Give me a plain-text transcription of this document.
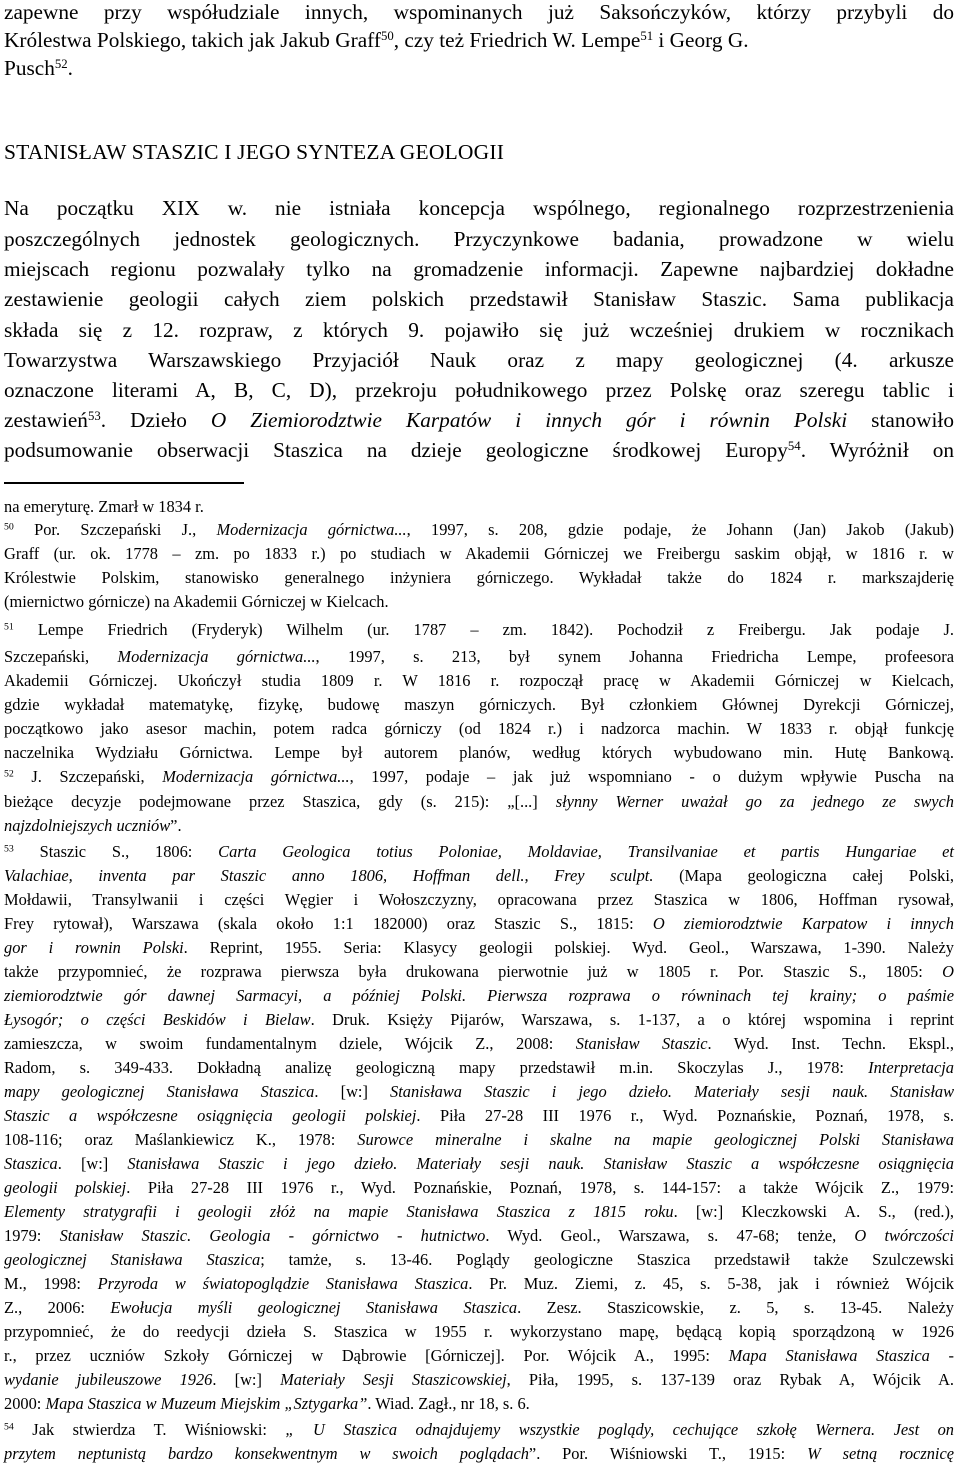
zapewne przy współudziale innych, wspominanych już Saksończyków, którzy przybyli do
Królestwa Polskiego, takich jak Jakub Graff$^{50}$, czy też Friedrich W. Lempe$^{51}$ i Georg G.
Pusch$^{52}$.
STANISŁAW STASZIC I JEGO SYNTEZA GEOLOGII
Na początku XIX w. nie istniała koncepcja wspólnego, regionalnego rozprzestrzenienia
poszczególnych jednostek geologicznych. Przyczynkowe badania, prowadzone w wielu
miejscach regionu pozwalały tylko na gromadzenie informacji. Zapewne najbardziej dokładne
zestawienie geologii całych ziem polskich przedstawił Stanisław Staszic. Sama publikacja
składa się z 12. rozpraw, z których 9. pojawiło się już wcześniej drukiem w rocznikach
Towarzystwa Warszawskiego Przyjaciół Nauk oraz z mapy geologicznej (4. arkusze
oznaczone literami A, B, C, D), przekroju południkowego przez Polskę oraz szeregu tablic i
zestawień$^{53}$. Dzieło O Ziemiorodztwie Karpatów i innych gór i równin Polski stanowiło
podsumowanie obserwacji Staszica na dzieje geologiczne środkowej Europy$^{54}$. Wyróżnił on
na emeryturę. Zmarł w 1834 r.
$^{50}$ Por. Szczepański J., Modernizacja górnictwa..., 1997, s. 208, gdzie podaje, że Johann (Jan) Jakob (Jakub)
Graff (ur. ok. 1778 – zm. po 1833 r.) po studiach w Akademii Górniczej we Freibergu saskim objął, w 1816 r. w
Królestwie Polskim, stanowisko generalnego inżyniera górniczego. Wykładał także do 1824 r. markszajderię
(miernictwo górnicze) na Akademii Górniczej w Kielcach.
$^{51}$ Lempe Friedrich (Fryderyk) Wilhelm (ur. 1787 – zm. 1842). Pochodził z Freibergu. Jak podaje J.
Szczepański, Modernizacja górnictwa..., 1997, s. 213, był synem Johanna Friedricha Lempe, profeesora
Akademii Górniczej. Ukończył studia 1809 r. W 1816 r. rozpoczął pracę w Akademii Górniczej w Kielcach,
gdzie wykładał matematykę, fizykę, budowę maszyn górniczych. Był członkiem Głównej Dyrekcji Górniczej,
początkowo jako asesor machin, potem radca górniczy (od 1824 r.) i nadzorca machin. W 1833 r. objął funkcję
naczelnika Wydziału Górnictwa. Lempe był autorem planów, według których wybudowano min. Hutę Bankową.
$^{52}$ J. Szczepański, Modernizacja górnictwa..., 1997, podaje – jak już wspomniano - o dużym wpływie Puscha na
bieżące decyzje podejmowane przez Staszica, gdy (s. 215): „[...] słynny Werner uważał go za jednego ze swych
najzdolniejszych uczniów”.
$^{53}$ Staszic S., 1806: Carta Geologica totius Poloniae, Moldaviae, Transilvaniae et partis Hungariae et
Valachiae, inventa par Staszic anno 1806, Hoffman dell., Frey sculpt. (Mapa geologiczna całej Polski,
Mołdawii, Transylwanii i części Węgier i Wołoszczyzny, opracowana przez Staszica w 1806, Hoffman rysował,
Frey rytował), Warszawa (skala około 1:1 182000) oraz Staszic S., 1815: O ziemiorodztwie Karpatow i innych
gor i rownin Polski. Reprint, 1955. Seria: Klasycy geologii polskiej. Wyd. Geol., Warszawa, 1-390. Należy
także przypomnieć, że rozprawa pierwsza była drukowana pierwotnie już w 1805 r. Por. Staszic S., 1805: O
ziemiorodztwie gór dawnej Sarmacyi, a później Polski. Pierwsza rozprawa o równinach tej krainy; o paśmie
Łysogór; o części Beskidów i Bielaw. Druk. Księży Pijarów, Warszawa, s. 1-137, a o której wspomina i reprint
zamieszcza, w swoim fundamentalnym dziele, Wójcik Z., 2008: Stanisław Staszic. Wyd. Inst. Techn. Ekspl.,
Radom, s. 349-433. Dokładną analizę geologiczną mapy przedstawił m.in. Skoczylas J., 1978: Interpretacja
mapy geologicznej Stanisława Staszica. [w:] Stanisława Staszic i jego dzieło. Materiały sesji nauk. Stanisław
Staszic a współczesne osiągnięcia geologii polskiej. Piła 27-28 III 1976 r., Wyd. Poznańskie, Poznań, 1978, s.
108-116; oraz Maślankiewicz K., 1978: Surowce mineralne i skalne na mapie geologicznej Polski Stanisława
Staszica. [w:] Stanisława Staszic i jego dzieło. Materiały sesji nauk. Stanisław Staszic a współczesne osiągnięcia
geologii polskiej. Piła 27-28 III 1976 r., Wyd. Poznańskie, Poznań, 1978, s. 144-157: a także Wójcik Z., 1979:
Elementy stratygrafii i geologii złóż na mapie Stanisława Staszica z 1815 roku. [w:] Kleczkowski A. S., (red.),
1979: Stanisław Staszic. Geologia - górnictwo - hutnictwo. Wyd. Geol., Warszawa, s. 47-68; tenże, O twórczości
geologicznej Stanisława Staszica; tamże, s. 13-46. Poglądy geologiczne Staszica przedstawił także Szulczewski
M., 1998: Przyroda w światopoglądzie Stanisława Staszica. Pr. Muz. Ziemi, z. 45, s. 5-38, jak i również Wójcik
Z., 2006: Ewołucja myśli geologicznej Stanisława Staszica. Zesz. Staszicowskie, z. 5, s. 13-45. Należy
przypomnieć, że do reedycji dzieła S. Staszica w 1955 r. wykorzystano mapę, będącą kopią sporządzoną w 1926
r., przez uczniów Szkoły Górniczej w Dąbrowie [Górniczej]. Por. Wójcik A., 1995: Mapa Stanisława Staszica -
wydanie jubileuszowe 1926. [w:] Materiały Sesji Staszicowskiej, Piła, 1995, s. 137-139 oraz Rybak A, Wójcik A.
2000: Mapa Staszica w Muzeum Miejskim „Sztygarka”. Wiad. Zagł., nr 18, s. 6.
$^{54}$ Jak stwierdza T. Wiśniowski: „ U Staszica odnajdujemy wszystkie poglądy, cechujące szkołę Wernera. Jest on
przytem neptunistą bardzo konsekwentnym w swoich poglądach”. Por. Wiśniowski T., 1915: W setną rocznicę
